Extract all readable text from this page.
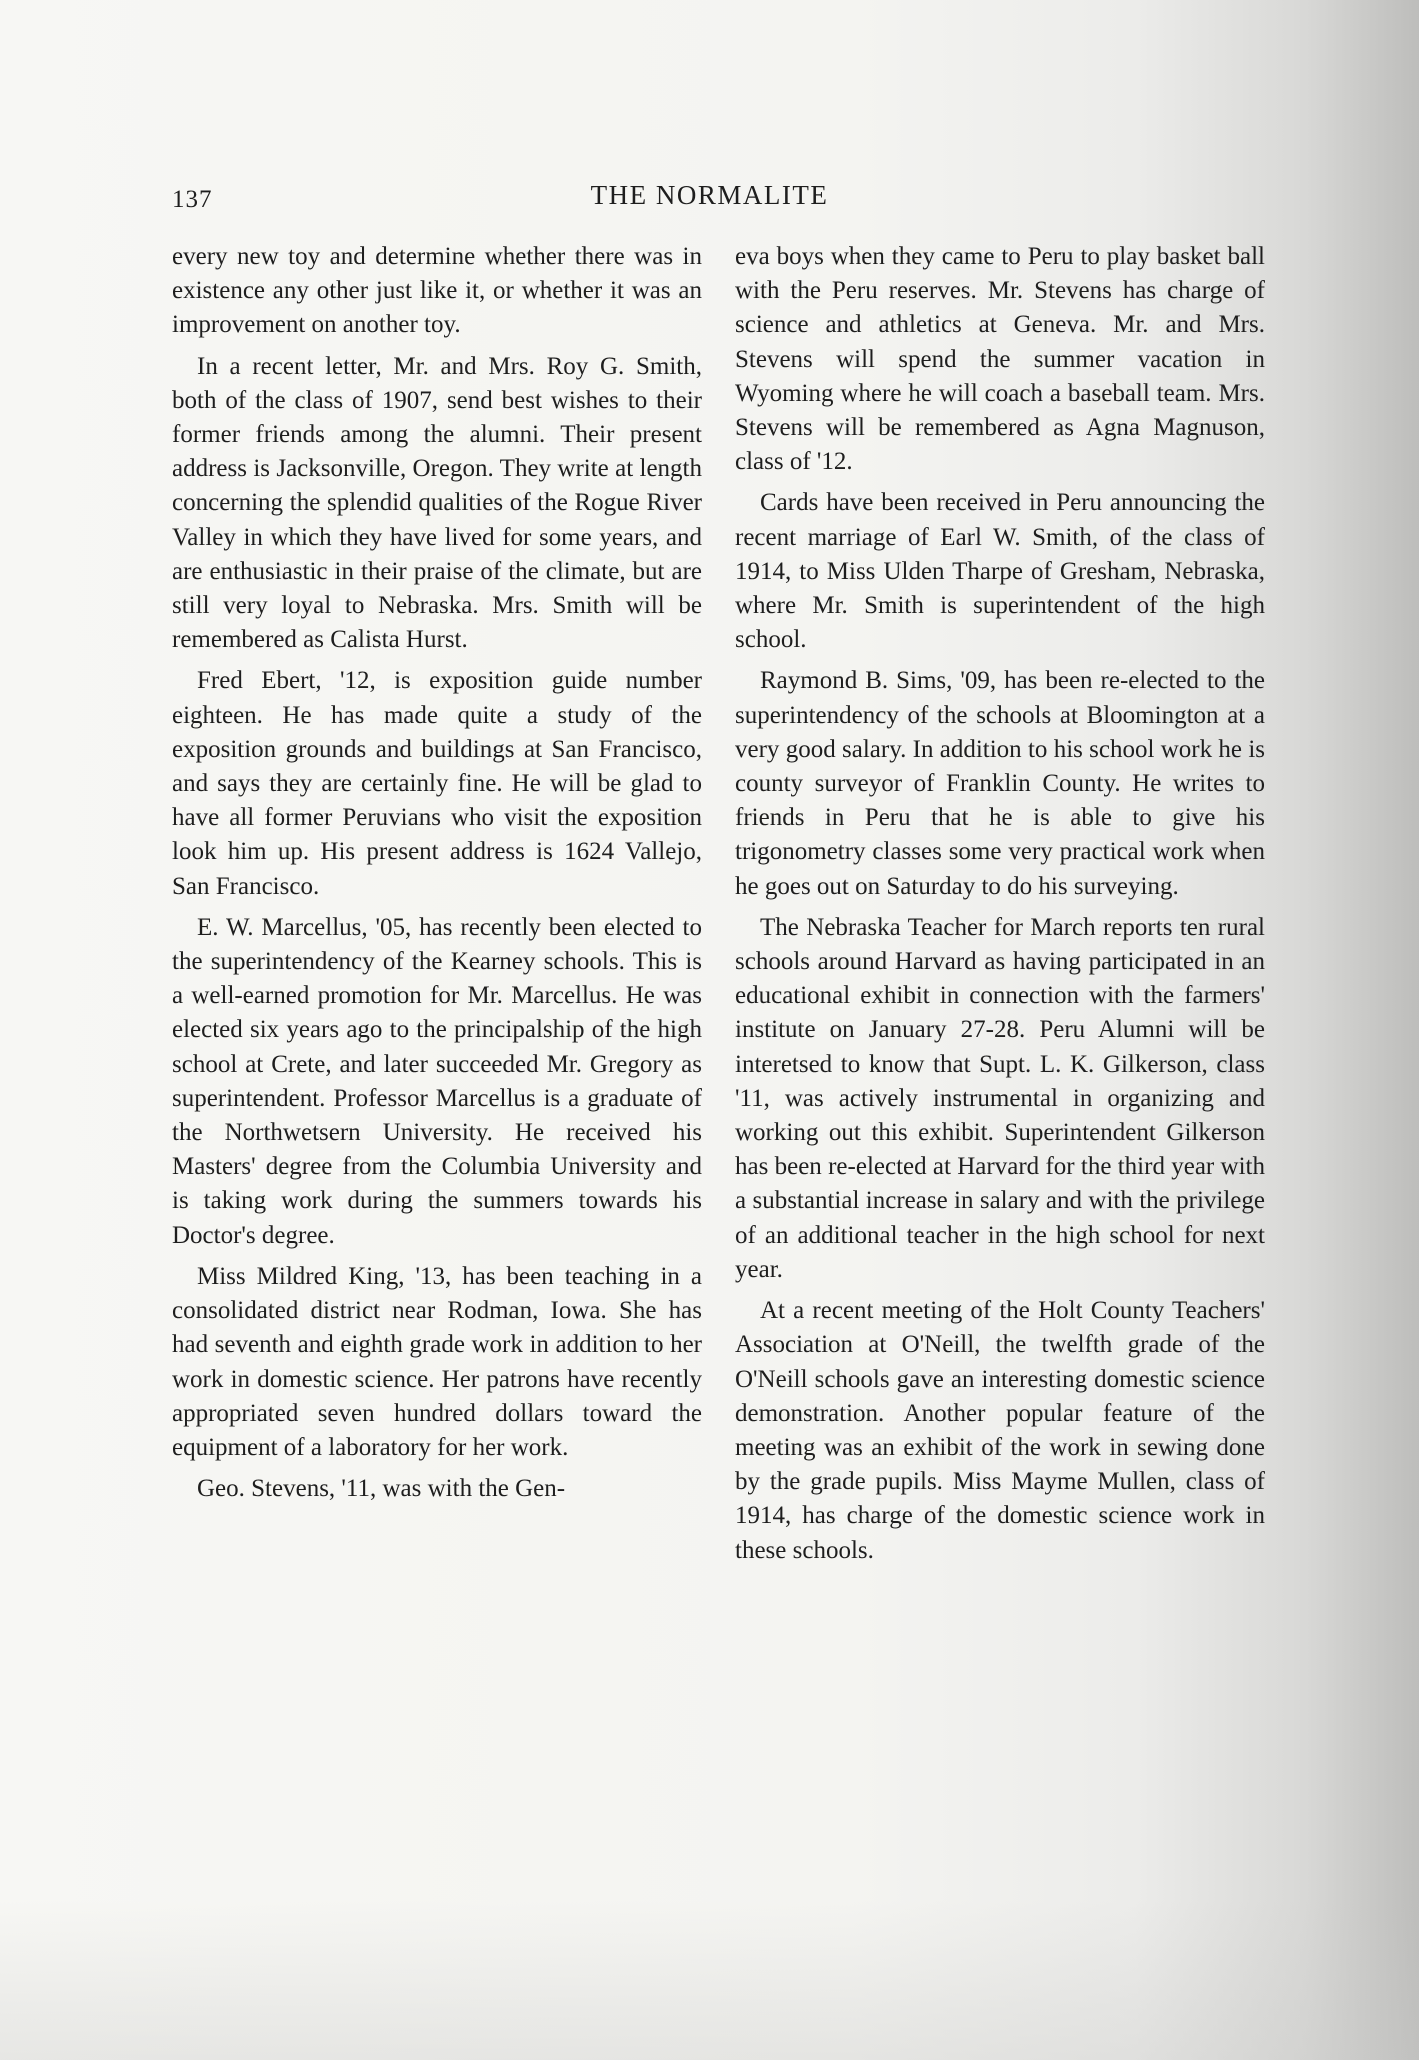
137	THE NORMALITE

every new toy and determine whether there was in existence any other just like it, or whether it was an improvement on another toy.

In a recent letter, Mr. and Mrs. Roy G. Smith, both of the class of 1907, send best wishes to their former friends among the alumni. Their present address is Jacksonville, Oregon. They write at length concerning the splendid qualities of the Rogue River Valley in which they have lived for some years, and are enthusiastic in their praise of the climate, but are still very loyal to Nebraska. Mrs. Smith will be remembered as Calista Hurst.

Fred Ebert, '12, is exposition guide number eighteen. He has made quite a study of the exposition grounds and buildings at San Francisco, and says they are certainly fine. He will be glad to have all former Peruvians who visit the exposition look him up. His present address is 1624 Vallejo, San Francisco.

E. W. Marcellus, '05, has recently been elected to the superintendency of the Kearney schools. This is a well-earned promotion for Mr. Marcellus. He was elected six years ago to the principalship of the high school at Crete, and later succeeded Mr. Gregory as superintendent. Professor Marcellus is a graduate of the Northwetsern University. He received his Masters' degree from the Columbia University and is taking work during the summers towards his Doctor's degree.

Miss Mildred King, '13, has been teaching in a consolidated district near Rodman, Iowa. She has had seventh and eighth grade work in addition to her work in domestic science. Her patrons have recently appropriated seven hundred dollars toward the equipment of a laboratory for her work.

Geo. Stevens, '11, was with the Gen-

eva boys when they came to Peru to play basket ball with the Peru reserves. Mr. Stevens has charge of science and athletics at Geneva. Mr. and Mrs. Stevens will spend the summer vacation in Wyoming where he will coach a baseball team. Mrs. Stevens will be remembered as Agna Magnuson, class of '12.

Cards have been received in Peru announcing the recent marriage of Earl W. Smith, of the class of 1914, to Miss Ulden Tharpe of Gresham, Nebraska, where Mr. Smith is superintendent of the high school.

Raymond B. Sims, '09, has been re-elected to the superintendency of the schools at Bloomington at a very good salary. In addition to his school work he is county surveyor of Franklin County. He writes to friends in Peru that he is able to give his trigonometry classes some very practical work when he goes out on Saturday to do his surveying.

The Nebraska Teacher for March reports ten rural schools around Harvard as having participated in an educational exhibit in connection with the farmers' institute on January 27-28. Peru Alumni will be interetsed to know that Supt. L. K. Gilkerson, class '11, was actively instrumental in organizing and working out this exhibit. Superintendent Gilkerson has been re-elected at Harvard for the third year with a substantial increase in salary and with the privilege of an additional teacher in the high school for next year.

At a recent meeting of the Holt County Teachers' Association at O'Neill, the twelfth grade of the O'Neill schools gave an interesting domestic science demonstration. Another popular feature of the meeting was an exhibit of the work in sewing done by the grade pupils. Miss Mayme Mullen, class of 1914, has charge of the domestic science work in these schools.
